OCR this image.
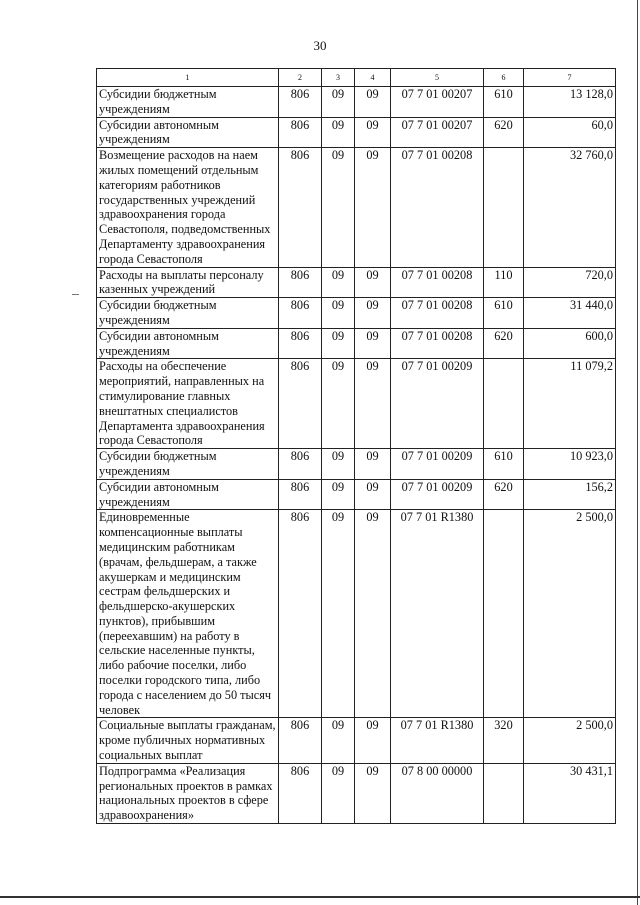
30
1	2	3	4	5	6	7
Субсидии бюджетным учреждениям	806	09	09	07 7 01 00207	610	13 128,0
Субсидии автономным учреждениям	806	09	09	07 7 01 00207	620	60,0
Возмещение расходов на наем жилых помещений отдельным категориям работников государственных учреждений здравоохранения города Севастополя, подведомственных Департаменту здравоохранения города Севастополя	806	09	09	07 7 01 00208		32 760,0
Расходы на выплаты персоналу казенных учреждений	806	09	09	07 7 01 00208	110	720,0
Субсидии бюджетным учреждениям	806	09	09	07 7 01 00208	610	31 440,0
Субсидии автономным учреждениям	806	09	09	07 7 01 00208	620	600,0
Расходы на обеспечение мероприятий, направленных на стимулирование главных внештатных специалистов Департамента здравоохранения города Севастополя	806	09	09	07 7 01 00209		11 079,2
Субсидии бюджетным учреждениям	806	09	09	07 7 01 00209	610	10 923,0
Субсидии автономным учреждениям	806	09	09	07 7 01 00209	620	156,2
Единовременные компенсационные выплаты медицинским работникам (врачам, фельдшерам, а также акушеркам и медицинским сестрам фельдшерских и фельдшерско-акушерских пунктов), прибывшим (переехавшим) на работу в сельские населенные пункты, либо рабочие поселки, либо поселки городского типа, либо города с населением до 50 тысяч человек	806	09	09	07 7 01 R1380		2 500,0
Социальные выплаты гражданам, кроме публичных нормативных социальных выплат	806	09	09	07 7 01 R1380	320	2 500,0
Подпрограмма «Реализация региональных проектов в рамках национальных проектов в сфере здравоохранения»	806	09	09	07 8 00 00000		30 431,1
